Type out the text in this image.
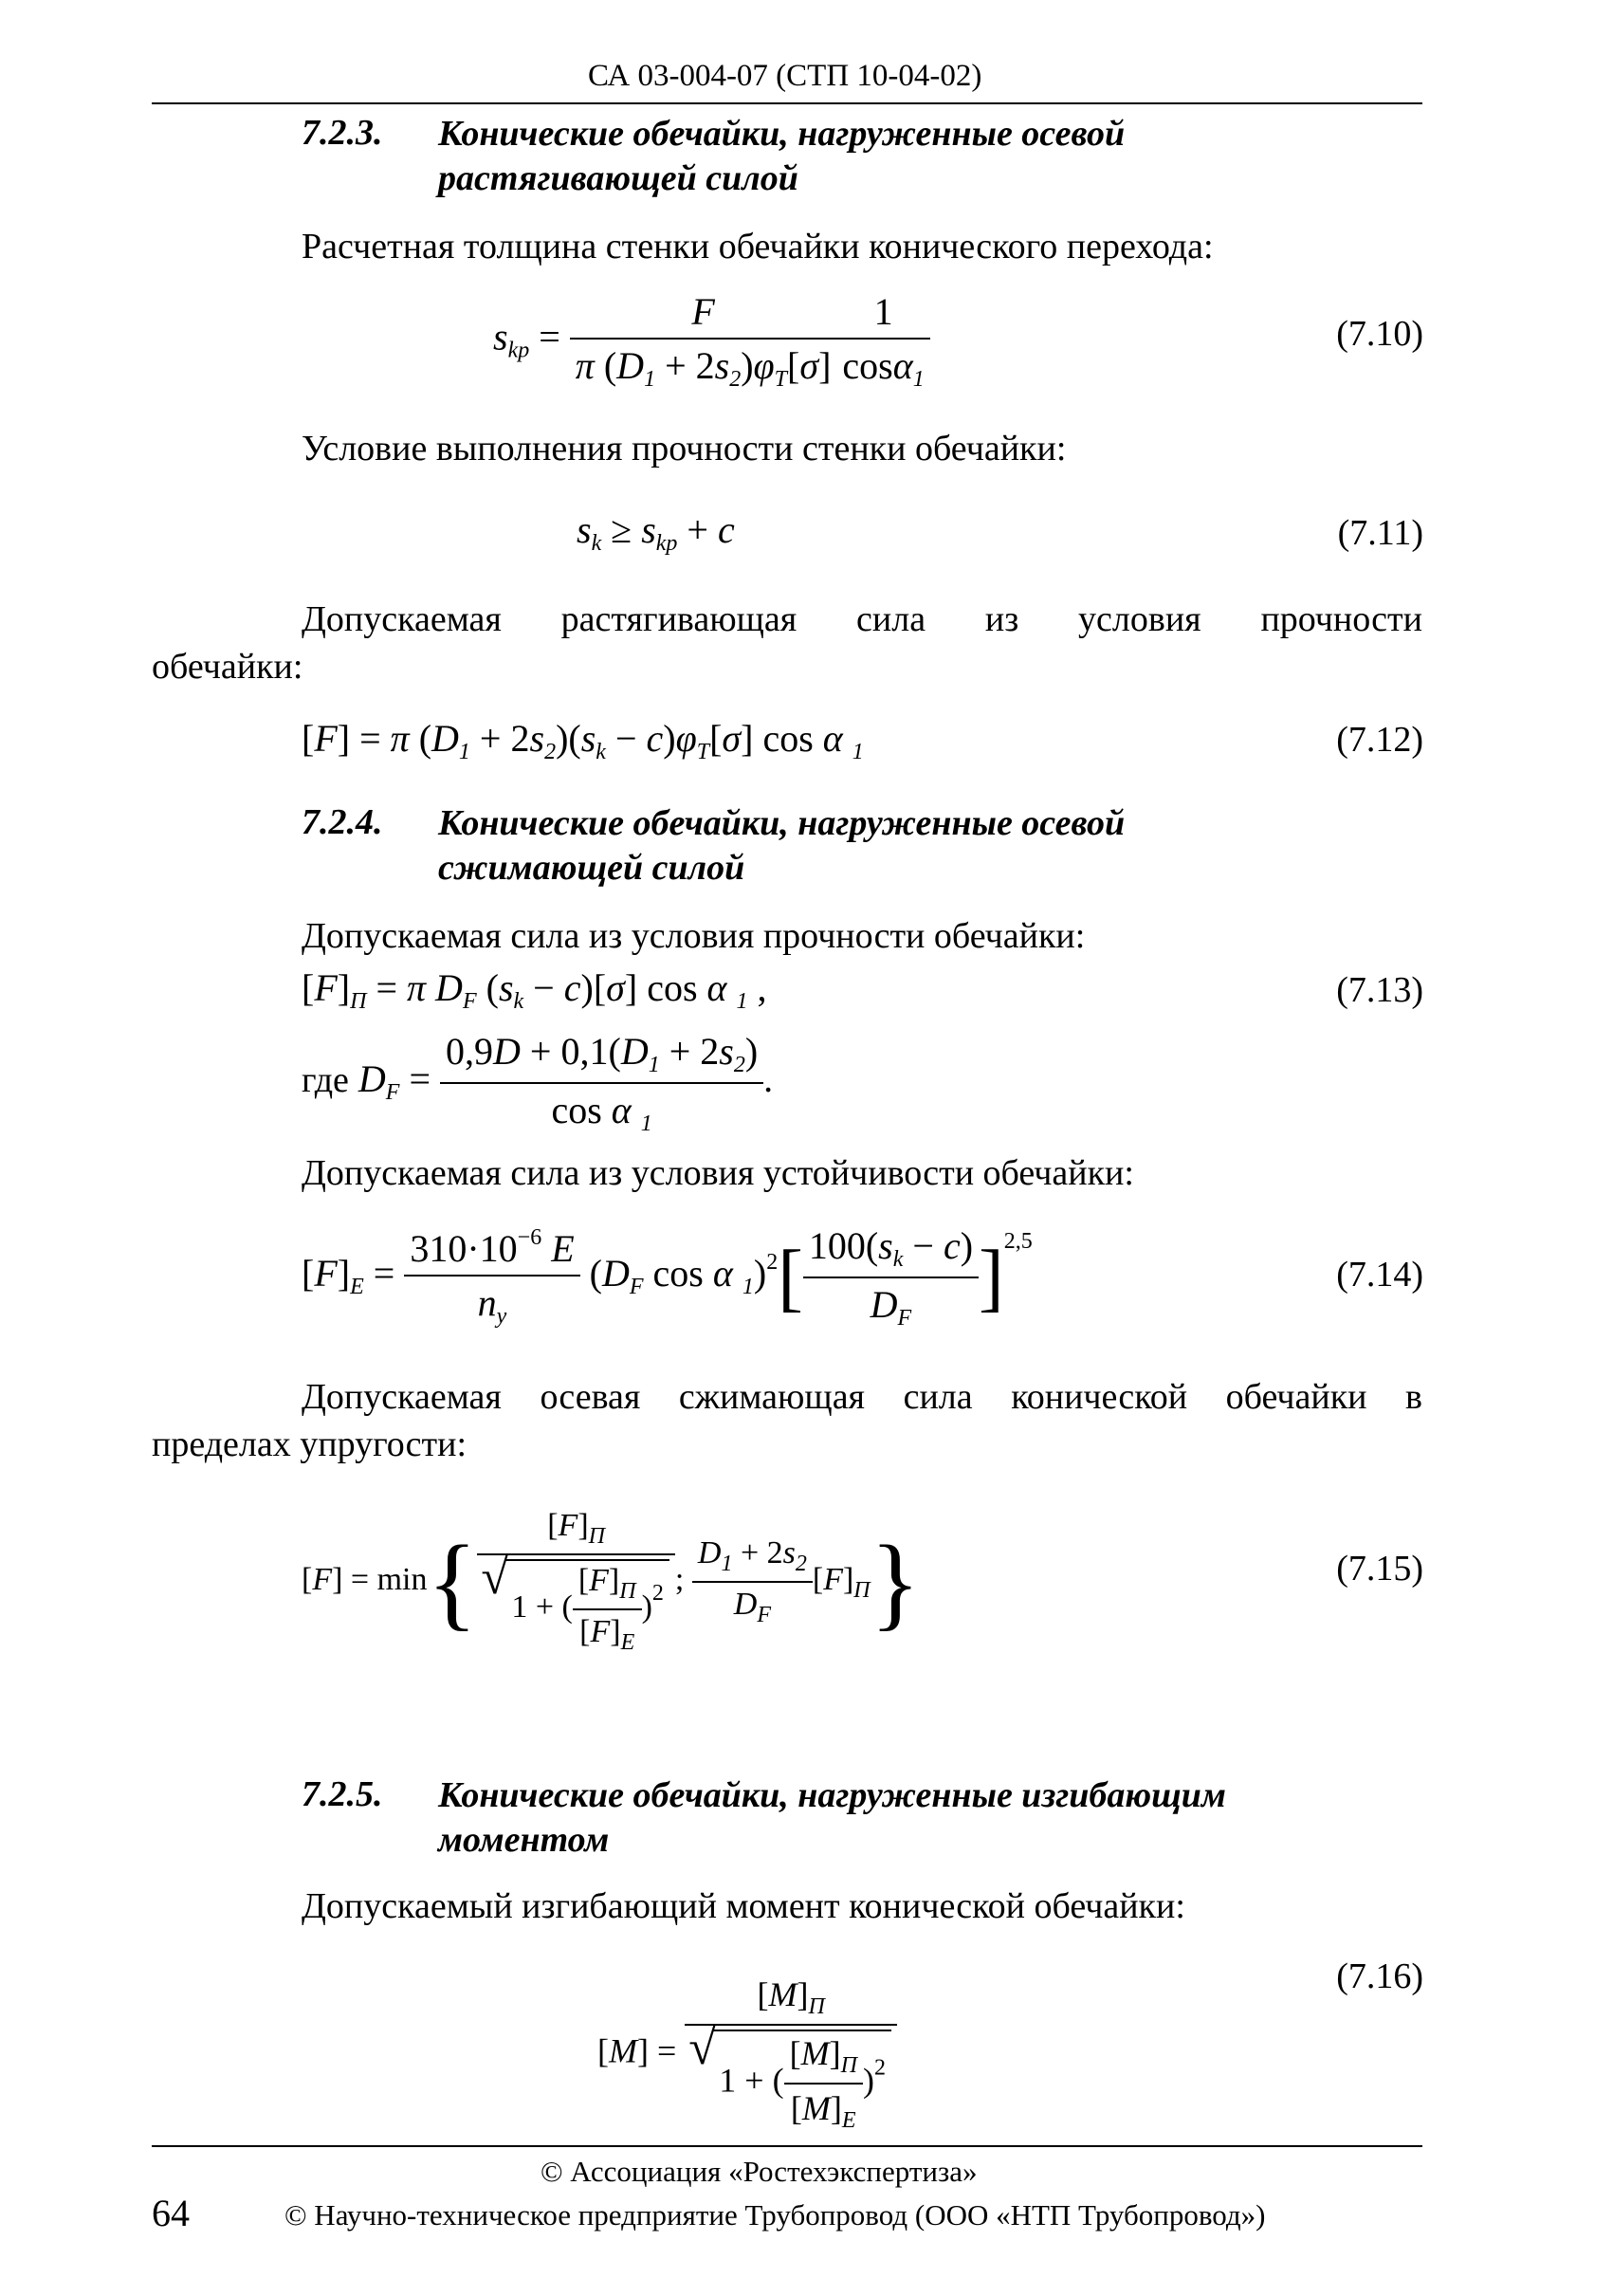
СА 03-004-07 (СТП 10-04-02)
7.2.3. Конические обечайки, нагруженные осевой растягивающей силой
Расчетная толщина стенки обечайки конического перехода:
$s_{kp} = \frac{F}{\pi (D_1 + 2s_2)\varphi_T[\sigma]} \frac{1}{\cos\alpha_1}$	(7.10)
Условие выполнения прочности стенки обечайки:
$s_k \ge s_{kp} + c$	(7.11)
Допускаемая растягивающая сила из условия прочности
обечайки:
[F] = π $(D_1 + 2s_2)(s_k - c)\varphi_T[\sigma]$ cos α $_1$	(7.12)
7.2.4. Конические обечайки, нагруженные осевой сжимающей силой
Допускаемая сила из условия прочности обечайки:
$[F]_П = \pi$ $D_F$ $(s_k - c)[\sigma]$ cos α $_1$ ,	(7.13)
где $D_F = \frac{0,9D + 0,1(D_1 + 2s_2)}{\cos \alpha _1}$ .
Допускаемая сила из условия устойчивости обечайки:
$[F]_E = \frac{310\cdot 10^{-6} E}{n_y} (D_F$ cos α $_1)^2[ \frac{100(s_k - c)}{D_F} ]^{2,5}$
(7.14)
Допускаемая осевая сжимающая сила конической обечайки в
пределах упругости:
[F] = min{ $[F]_П$
√ 1 + ( $\frac{[F]_П}{[F]_E} )^2$ ; $\frac{D_1 + 2s_2}{D_F} [F]_П$}	(7.15)
7.2.5. Конические обечайки, нагруженные изгибающим моментом
Допускаемый изгибающий момент конической обечайки:
$[M] = [M]_П$
√ 1 + ( $\frac{[M]_П}{[M]_E} )^2$	(7.16)
© Ассоциация «Ростехэкспертиза»
64	© Научно-техническое предприятие Трубопровод (ООО «НТП Трубопровод»)
